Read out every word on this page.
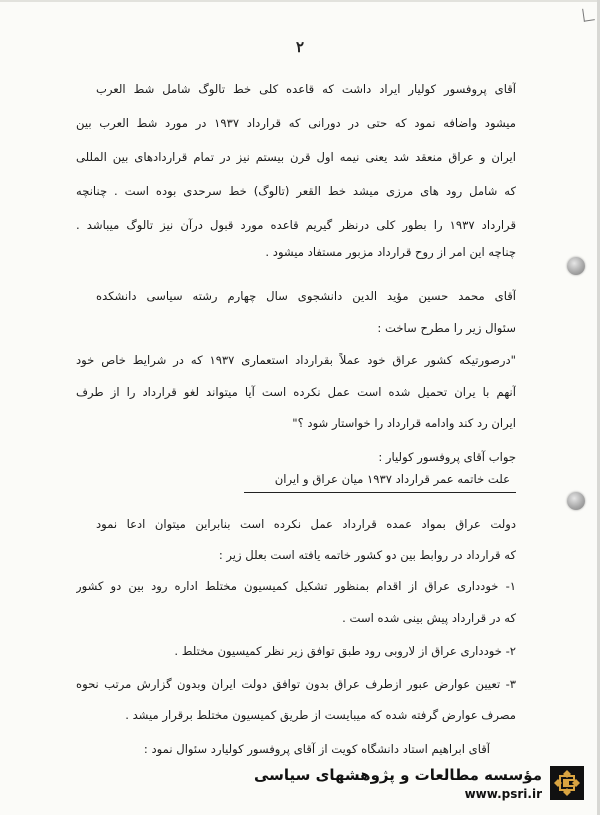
۲
آقای پروفسور کولیار ایراد داشت که قاعده کلی خط تالوگ شامل شط العرب
میشود واضافه نمود که حتی در دورانی که قرارداد ۱۹۳۷ در مورد شط العرب بین
ایران و عراق منعقد شد یعنی نیمه اول قرن بیستم نیز در تمام قراردادهای بین المللی
که شامل رود های مرزی میشد خط القعر (تالوگ) خط سرحدی بوده است . چنانچه
قرارداد ۱۹۳۷ را بطور کلی درنظر گیریم قاعده مورد قبول درآن نیز تالوگ میباشد .
چناچه این امر از روح قرارداد مزبور مستفاد میشود .
آقای محمد حسین مؤید الدین دانشجوی سال چهارم رشته سیاسی دانشکده
سئوال زیر را مطرح ساخت :
"درصورتیکه کشور عراق خود عملاً بقرارداد استعماری ۱۹۳۷ که در شرایط خاص خود
آنهم با یران تحمیل شده است عمل نکرده است آیا میتواند لغو قرارداد را از طرف
ایران رد کند وادامه قرارداد را خواستار شود ؟"
جواب آقای پروفسور کولیار :
علت خاتمه عمر قرارداد ۱۹۳۷ میان عراق و ایران
دولت عراق بمواد عمده قرارداد عمل نکرده است بنابراین میتوان ادعا نمود
که قرارداد در روابط بین دو کشور خاتمه یافته است بعلل زیر :
۱- خودداری عراق از اقدام بمنظور تشکیل کمیسیون مختلط اداره رود بین دو کشور
که در قرارداد پیش بینی شده است .
۲- خودداری عراق از لاروبی رود طبق توافق زیر نظر کمیسیون مختلط .
۳- تعیین عوارض عبور ازطرف عراق بدون توافق دولت ایران وبدون گزارش مرتب نحوه
مصرف عوارض گرفته شده که میبایست از طریق کمیسیون مختلط برقرار میشد .
آقای ابراهیم استاد دانشگاه کویت از آقای پروفسور کولیارد سئوال نمود :
مؤسسه مطالعات و پژوهشهای سیاسی
www.psri.ir
